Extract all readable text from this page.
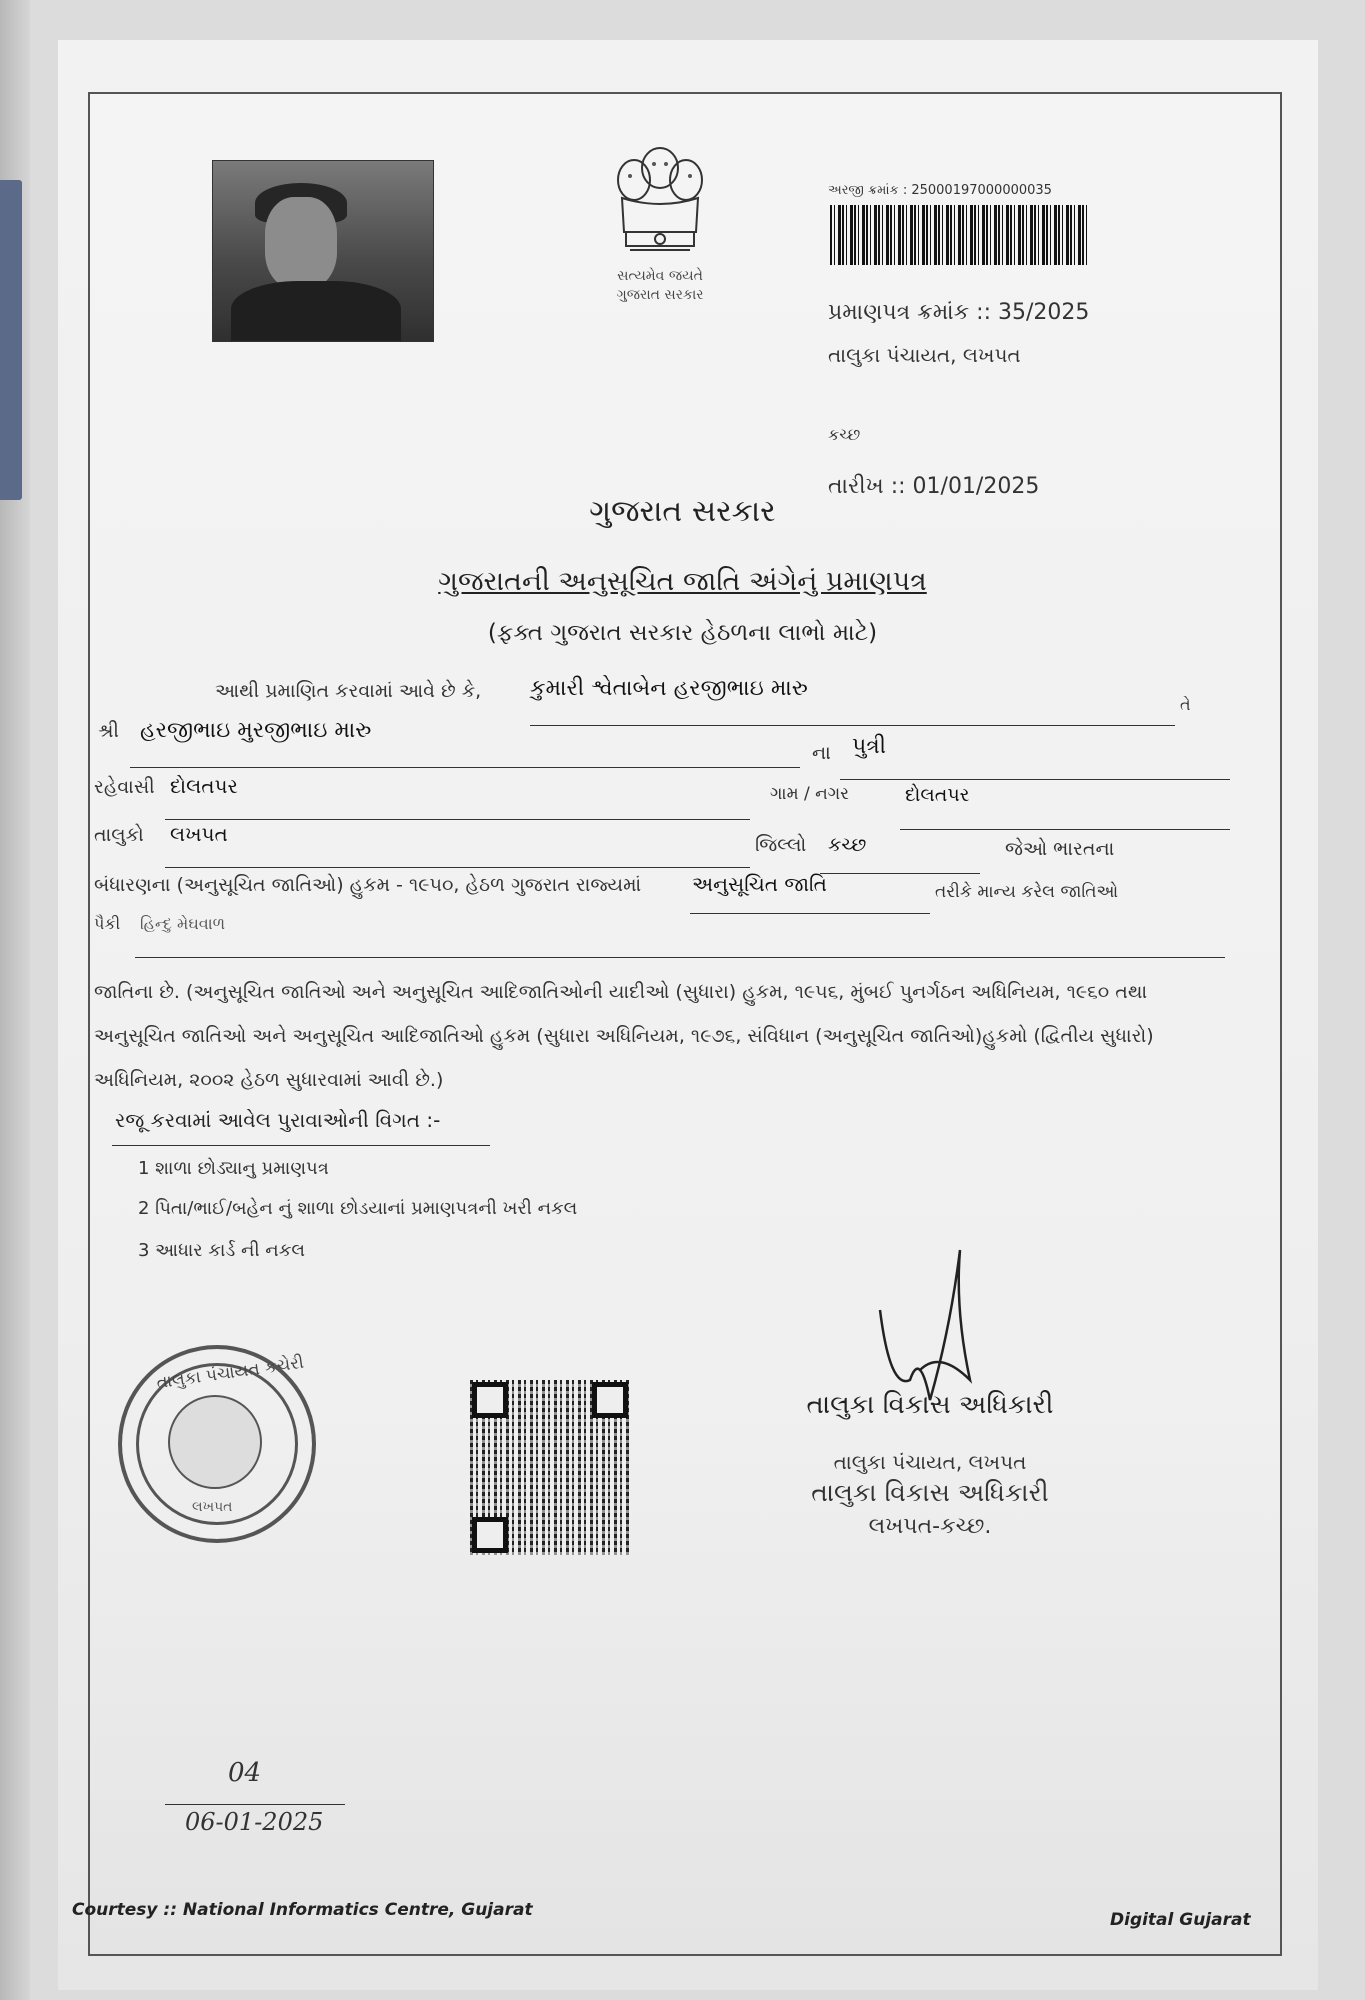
સત્યમેવ જયતે
ગુજરાત સરકાર
અરજી ક્રમાંક : 25000197000000035
પ્રમાણપત્ર ક્રમાંક :: 35/2025
તાલુકા પંચાયત, લખપત
કચ્છ
તારીખ :: 01/01/2025
ગુજરાત સરકાર
ગુજરાતની અનુસૂચિત જાતિ અંગેનું પ્રમાણપત્ર
(ફક્ત ગુજરાત સરકાર હેઠળના લાભો માટે)
આથી પ્રમાણિત કરવામાં આવે છે કે, કુમારી શ્વેતાબેન હરજીભાઇ મારુ
તે
શ્રી હરજીભાઇ મુરજીભાઇ મારુ
ના પુત્રી
રહેવાસી દોલતપર	ગામ / નગર	દોલતપર
તાલુકો લખપત	જિલ્લો કચ્છ	જેઓ ભારતના
બંધારણના (અનુસૂચિત જાતિઓ) હુકમ - ૧૯૫૦, હેઠળ ગુજરાત રાજ્યમાં	અનુસૂચિત જાતિ	તરીકે માન્ય કરેલ જાતિઓ
પૈકી હિન્દુ મેઘવાળ
જાતિના છે. (અનુસૂચિત જાતિઓ અને અનુસૂચિત આદિજાતિઓની યાદીઓ (સુધારા) હુકમ, ૧૯૫૬, મુંબઈ પુનર્ગઠન અધિનિયમ, ૧૯૬૦ તથા
અનુસૂચિત જાતિઓ અને અનુસૂચિત આદિજાતિઓ હુકમ (સુધારા અધિનિયમ, ૧૯૭૬, સંવિધાન (અનુસૂચિત જાતિઓ)હુકમો (દ્વિતીય સુધારો)
અધિનિયમ, ૨૦૦૨ હેઠળ સુધારવામાં આવી છે.)
રજૂ કરવામાં આવેલ પુરાવાઓની વિગત :-
1 શાળા છોડ્યાનુ પ્રમાણપત્ર
2 પિતા/ભાઈ/બહેન નું શાળા છોડયાનાં પ્રમાણપત્રની ખરી નકલ
3 આધાર કાર્ડ ની નકલ
તાલુકા પંચાયત કચેરી
લખપત
તાલુકા વિકાસ અધિકારી
તાલુકા પંચાયત, લખપત
તાલુકા વિકાસ અધિકારી
લખપત-કચ્છ.
04
06-01-2025
Courtesy :: National Informatics Centre, Gujarat	Digital Gujarat
